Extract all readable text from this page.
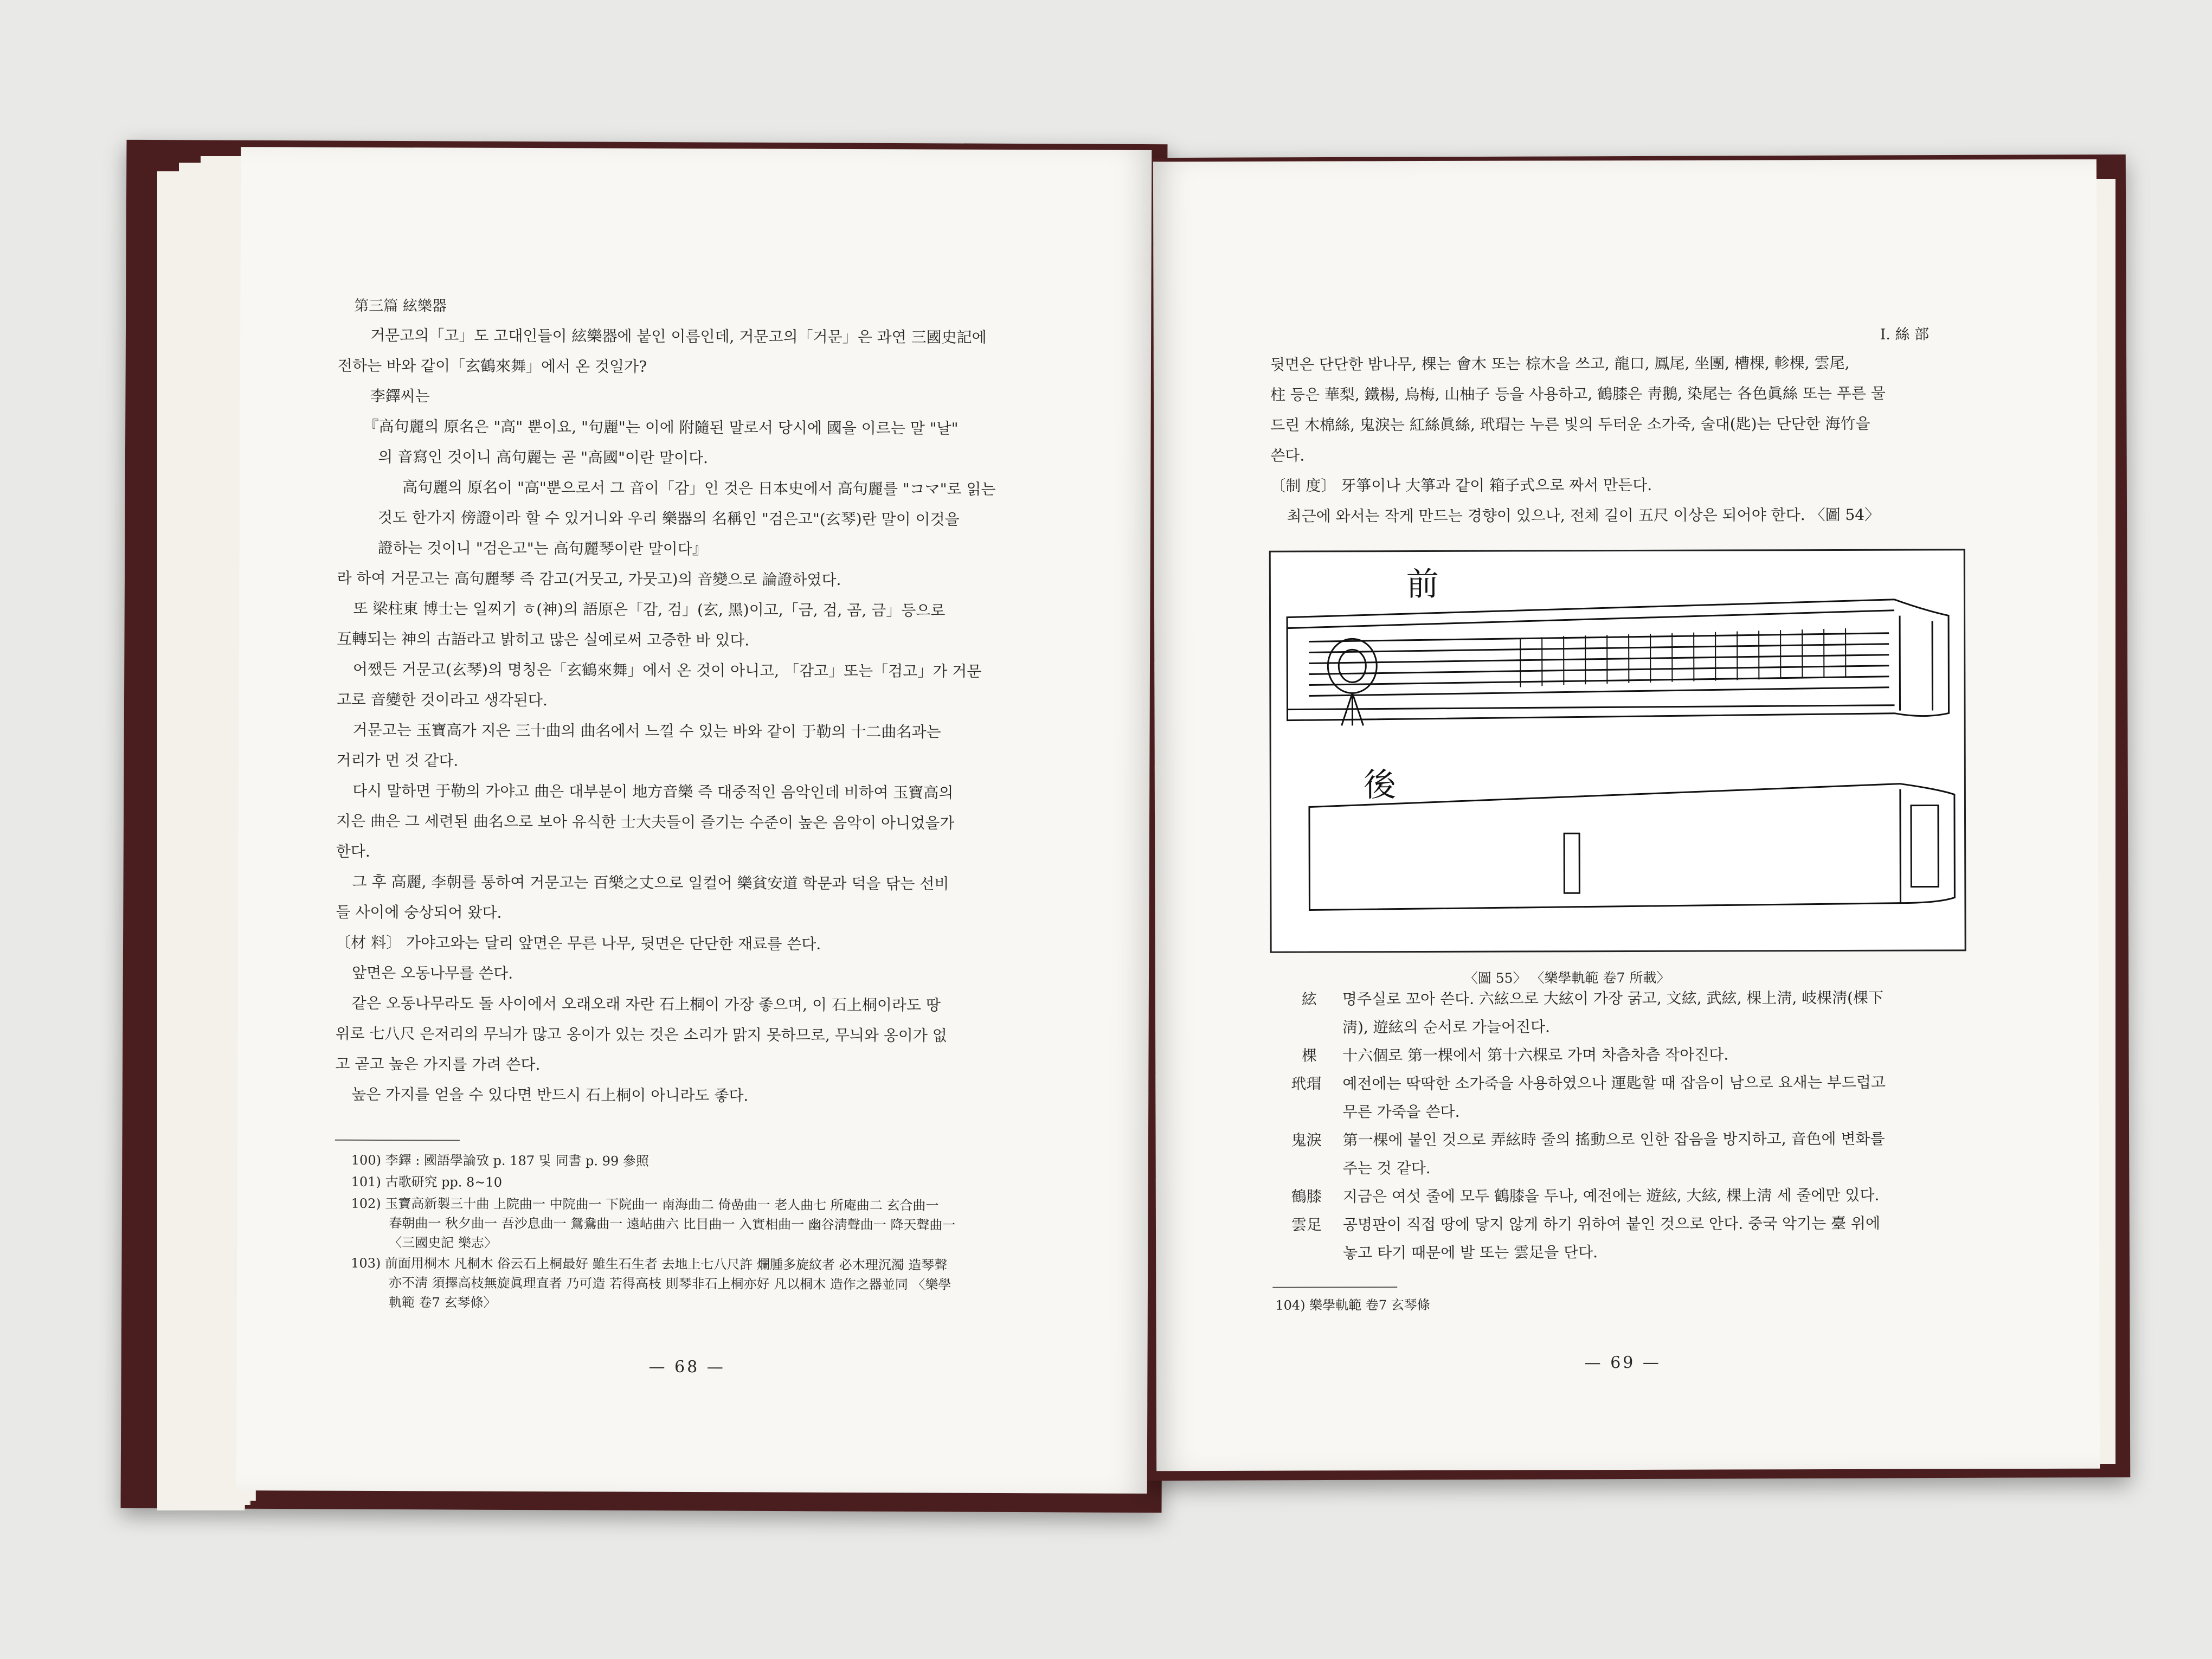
第三篇 絃樂器
거문고의「고」도 고대인들이 絃樂器에 붙인 이름인데, 거문고의「거문」은 과연 三國史記에
전하는 바와 같이「玄鶴來舞」에서 온 것일가?
李鐸씨는
『高句麗의 原名은 "高" 뿐이요, "句麗"는 이에 附隨된 말로서 당시에 國을 이르는 말 "날"
의 音寫인 것이니 高句麗는 곧 "高國"이란 말이다.
高句麗의 原名이 "高"뿐으로서 그 音이「감」인 것은 日本史에서 高句麗를 "コマ"로 읽는
것도 한가지 傍證이라 할 수 있거니와 우리 樂器의 名稱인 "검은고"(玄琴)란 말이 이것을
證하는 것이니 "검은고"는 高句麗琴이란 말이다』
라 하여 거문고는 高句麗琴 즉 감고(거뭇고, 가뭇고)의 音變으로 論證하였다.
또 梁柱東 博士는 일찌기 ㅎ(神)의 語原은「감, 검」(玄, 黑)이고,「금, 검, 곰, 금」등으로
互轉되는 神의 古語라고 밝히고 많은 실예로써 고증한 바 있다.
어쨌든 거문고(玄琴)의 명칭은「玄鶴來舞」에서 온 것이 아니고, 「감고」또는「검고」가 거문
고로 音變한 것이라고 생각된다.
거문고는 玉寶高가 지은 三十曲의 曲名에서 느낄 수 있는 바와 같이 于勒의 十二曲名과는
거리가 먼 것 같다.
다시 말하면 于勒의 가야고 曲은 대부분이 地方音樂 즉 대중적인 음악인데 비하여 玉寶高의
지은 曲은 그 세련된 曲名으로 보아 유식한 士大夫들이 즐기는 수준이 높은 음악이 아니었을가
한다.
그 후 高麗, 李朝를 통하여 거문고는 百樂之丈으로 일컬어 樂貧安道 학문과 덕을 닦는 선비
들 사이에 숭상되어 왔다.
〔材 料〕 가야고와는 달리 앞면은 무른 나무, 뒷면은 단단한 재료를 쓴다.
앞면은 오동나무를 쓴다.
같은 오동나무라도 돌 사이에서 오래오래 자란 石上桐이 가장 좋으며, 이 石上桐이라도 땅
위로 七八尺 은저리의 무늬가 많고 옹이가 있는 것은 소리가 맑지 못하므로, 무늬와 옹이가 없
고 곧고 높은 가지를 가려 쓴다.
높은 가지를 얻을 수 있다면 반드시 石上桐이 아니라도 좋다.
100) 李鐸 : 國語學論攷 p. 187 및 同書 p. 99 參照
101) 古歌研究 pp. 8~10
102) 玉寶高新製三十曲 上院曲一 中院曲一 下院曲一 南海曲二 倚嵒曲一 老人曲七 所庵曲二 玄合曲一
春朝曲一 秋夕曲一 吾沙息曲一 鴛鴦曲一 遠岾曲六 比目曲一 入實相曲一 幽谷淸聲曲一 降天聲曲一
〈三國史記 樂志〉
103) 前面用桐木 凡桐木 俗云石上桐最好 雖生石生者 去地上七八尺許 爛腫多旋紋者 必木理沉濁 造琴聲
亦不淸 須擇高枝無旋眞理直者 乃可造 若得高枝 則琴非石上桐亦好 凡以桐木 造作之器並同 〈樂學
軌範 卷7 玄琴條〉
— 68 —
Ⅰ. 絲 部
뒷면은 단단한 밤나무, 棵는 會木 또는 棕木을 쓰고, 龍口, 鳳尾, 坐團, 槽棵, 軫棵, 雲尾,
柱 등은 華梨, 鐵楊, 烏梅, 山柚子 등을 사용하고, 鶴膝은 靑鵝, 染尾는 各色眞絲 또는 푸른 물
드린 木棉絲, 鬼淚는 紅絲眞絲, 玳瑁는 누른 빛의 두터운 소가죽, 술대(匙)는 단단한 海竹을
쓴다.
〔制 度〕 牙箏이나 大箏과 같이 箱子式으로 짜서 만든다.
최근에 와서는 작게 만드는 경향이 있으나, 전체 길이 五尺 이상은 되어야 한다. 〈圖 54〉
前
後
〈圖 55〉 〈樂學軌範 卷7 所載〉
絃 명주실로 꼬아 쓴다. 六絃으로 大絃이 가장 굵고, 文絃, 武絃, 棵上淸, 岐棵淸(棵下
淸), 遊絃의 순서로 가늘어진다.
棵 十六個로 第一棵에서 第十六棵로 가며 차츰차츰 작아진다.
玳瑁 예전에는 딱딱한 소가죽을 사용하였으나 運匙할 때 잡음이 남으로 요새는 부드럽고
무른 가죽을 쓴다.
鬼淚 第一棵에 붙인 것으로 弄絃時 줄의 搖動으로 인한 잡음을 방지하고, 音色에 변화를
주는 것 같다.
鶴膝 지금은 여섯 줄에 모두 鶴膝을 두나, 예전에는 遊絃, 大絃, 棵上淸 세 줄에만 있다.
雲足 공명판이 직접 땅에 닿지 않게 하기 위하여 붙인 것으로 안다. 중국 악기는 臺 위에
놓고 타기 때문에 발 또는 雲足을 단다.
104) 樂學軌範 卷7 玄琴條
— 69 —
